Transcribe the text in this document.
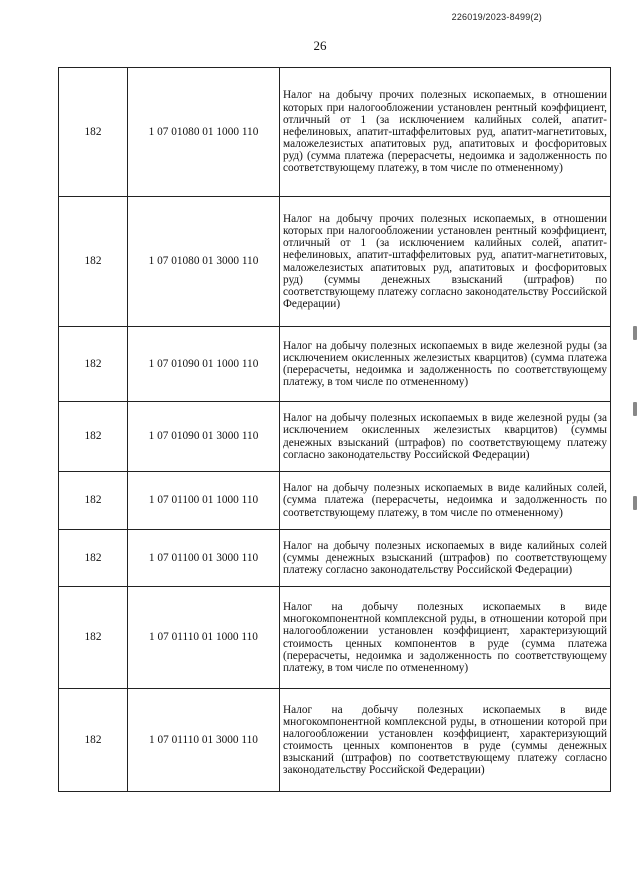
226019/2023-8499(2)
26
182	1 07 01080 01 1000 110	Налог на добычу прочих полезных ископаемых, в отношении которых при налогообложении установлен рентный коэффициент, отличный от 1 (за исключением калийных солей, апатит-нефелиновых, апатит-штаффелитовых руд, апатит-магнетитовых, маложелезистых апатитовых руд, апатитовых и фосфоритовых руд) (сумма платежа (перерасчеты, недоимка и задолженность по соответствующему платежу, в том числе по отмененному)
182	1 07 01080 01 3000 110	Налог на добычу прочих полезных ископаемых, в отношении которых при налогообложении установлен рентный коэффициент, отличный от 1 (за исключением калийных солей, апатит-нефелиновых, апатит-штаффелитовых руд, апатит-магнетитовых, маложелезистых апатитовых руд, апатитовых и фосфоритовых руд) (суммы денежных взысканий (штрафов) по соответствующему платежу согласно законодательству Российской Федерации)
182	1 07 01090 01 1000 110	Налог на добычу полезных ископаемых в виде железной руды (за исключением окисленных железистых кварцитов) (сумма платежа (перерасчеты, недоимка и задолженность по соответствующему платежу, в том числе по отмененному)
182	1 07 01090 01 3000 110	Налог на добычу полезных ископаемых в виде железной руды (за исключением окисленных железистых кварцитов) (суммы денежных взысканий (штрафов) по соответствующему платежу согласно законодательству Российской Федерации)
182	1 07 01100 01 1000 110	Налог на добычу полезных ископаемых в виде калийных солей, (сумма платежа (перерасчеты, недоимка и задолженность по соответствующему платежу, в том числе по отмененному)
182	1 07 01100 01 3000 110	Налог на добычу полезных ископаемых в виде калийных солей (суммы денежных взысканий (штрафов) по соответствующему платежу согласно законодательству Российской Федерации)
182	1 07 01110 01 1000 110	Налог на добычу полезных ископаемых в виде многокомпонентной комплексной руды, в отношении которой при налогообложении установлен коэффициент, характеризующий стоимость ценных компонентов в руде (сумма платежа (перерасчеты, недоимка и задолженность по соответствующему платежу, в том числе по отмененному)
182	1 07 01110 01 3000 110	Налог на добычу полезных ископаемых в виде многокомпонентной комплексной руды, в отношении которой при налогообложении установлен коэффициент, характеризующий стоимость ценных компонентов в руде (суммы денежных взысканий (штрафов) по соответствующему платежу согласно законодательству Российской Федерации)
